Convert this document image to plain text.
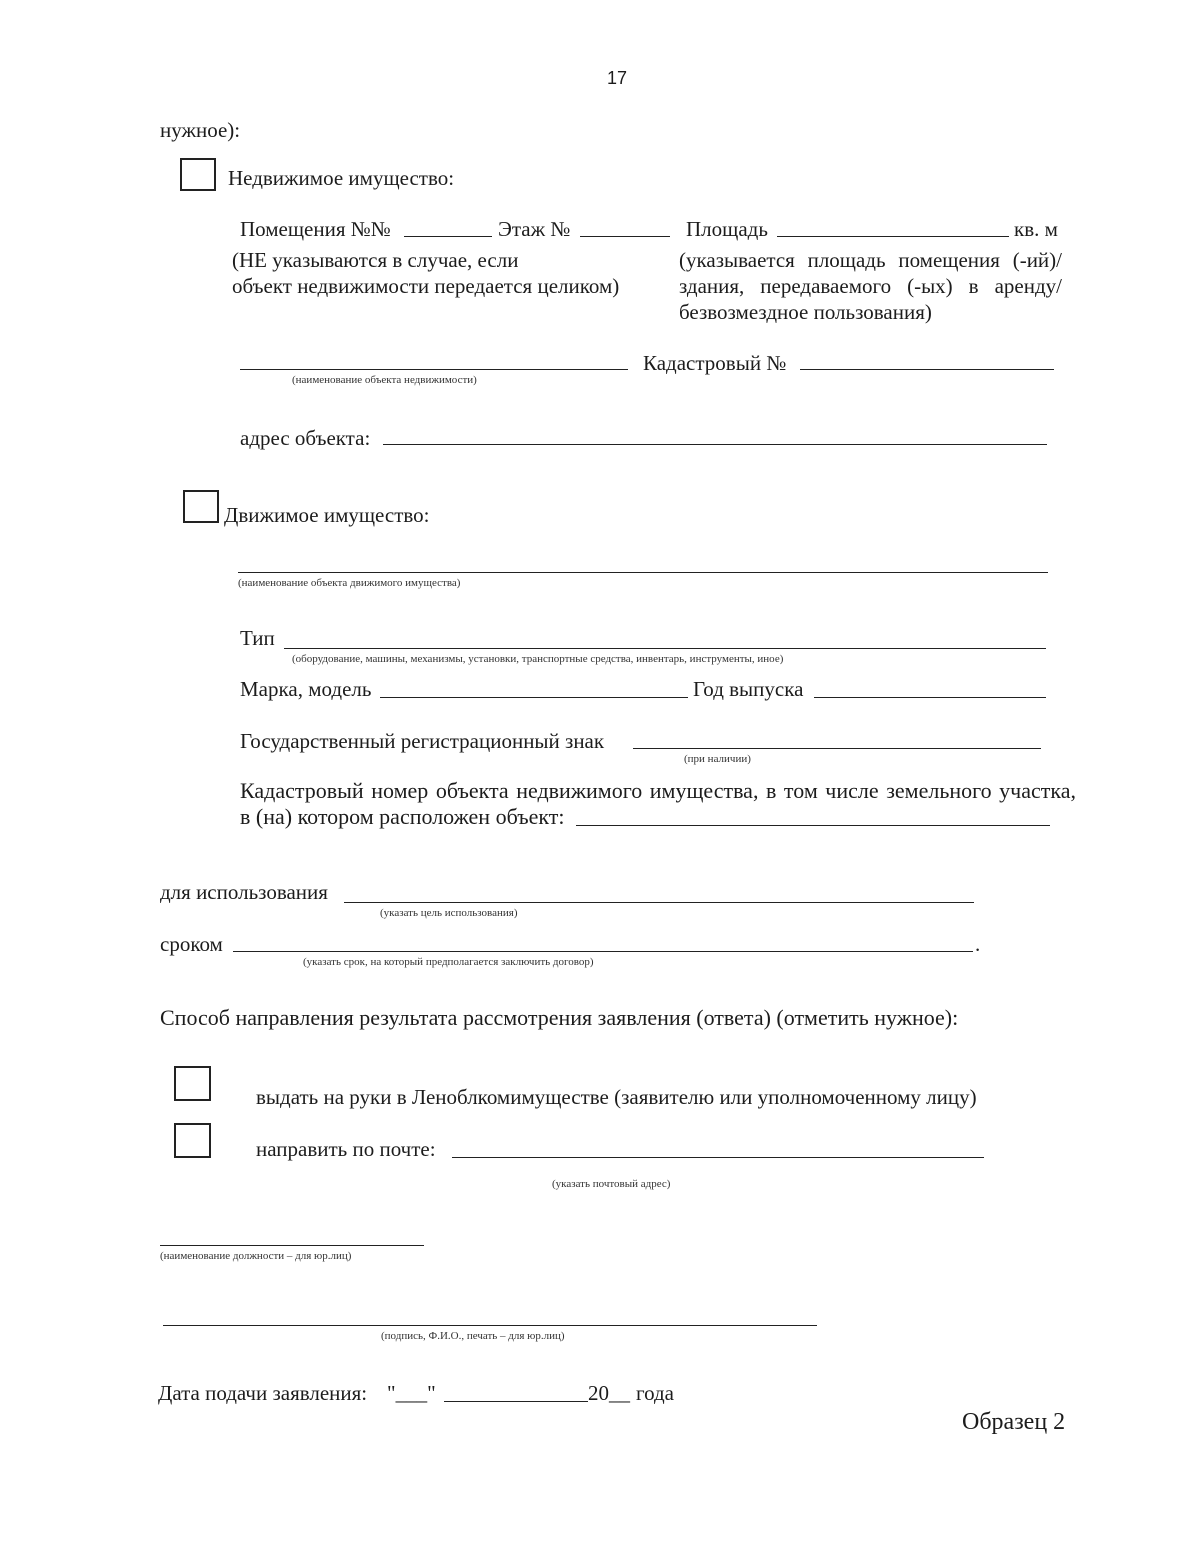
17
нужное):
Недвижимое имущество:
Помещения №№	Этаж №	Площадь	кв. м
(НЕ указываются в случае, если
объект недвижимости передается целиком)
(указывается площадь помещения (-ий)/
здания, передаваемого (-ых) в аренду/
безвозмездное пользования)
(наименование объекта недвижимости)
Кадастровый №
адрес объекта:
Движимое имущество:
(наименование объекта движимого имущества)
Тип
(оборудование, машины, механизмы, установки, транспортные средства, инвентарь, инструменты, иное)
Марка, модель	Год выпуска
Государственный регистрационный знак
(при наличии)
Кадастровый номер объекта недвижимого имущества, в том числе земельного участка,
в (на) котором расположен объект:
для использования
(указать цель использования)
сроком	.
(указать срок, на который предполагается заключить договор)
Способ направления результата рассмотрения заявления (ответа) (отметить нужное):
выдать на руки в Леноблкомимуществе (заявителю или уполномоченному лицу)
направить по почте:
(указать почтовый адрес)
(наименование должности – для юр.лиц)
(подпись, Ф.И.О., печать – для юр.лиц)
Дата подачи заявления: "___"	20 __ года
Образец 2
